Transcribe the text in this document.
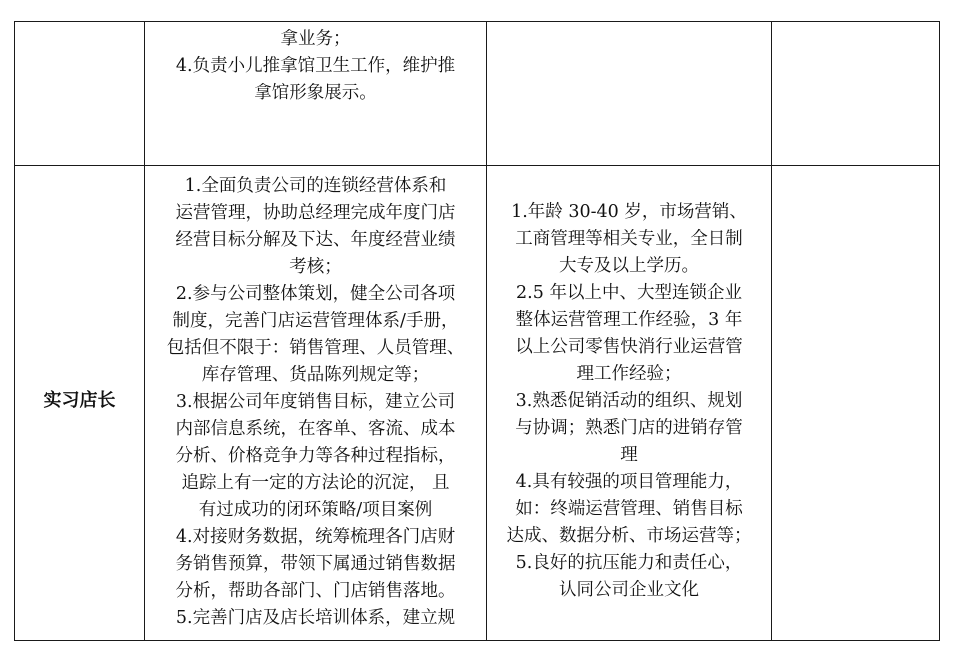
拿业务；

4.负责小儿推拿馆卫生工作，维护推

拿馆形象展示。

实习店长

1.全面负责公司的连锁经营体系和

运营管理，协助总经理完成年度门店

经营目标分解及下达、年度经营业绩

考核；

2.参与公司整体策划，健全公司各项

制度，完善门店运营管理体系/手册，

包括但不限于：销售管理、人员管理、

库存管理、货品陈列规定等；

3.根据公司年度销售目标，建立公司

内部信息系统，在客单、客流、成本

分析、价格竞争力等各种过程指标，

追踪上有一定的方法论的沉淀， 且

有过成功的闭环策略/项目案例

4.对接财务数据，统筹梳理各门店财

务销售预算，带领下属通过销售数据

分析，帮助各部门、门店销售落地。

5.完善门店及店长培训体系，建立规

1.年龄 30-40 岁，市场营销、

工商管理等相关专业，全日制

大专及以上学历。

2.5 年以上中、大型连锁企业

整体运营管理工作经验，3 年

以上公司零售快消行业运营管

理工作经验；

3.熟悉促销活动的组织、规划

与协调；熟悉门店的进销存管

理

4.具有较强的项目管理能力，

如：终端运营管理、销售目标

达成、数据分析、市场运营等；

5.良好的抗压能力和责任心，

认同公司企业文化
